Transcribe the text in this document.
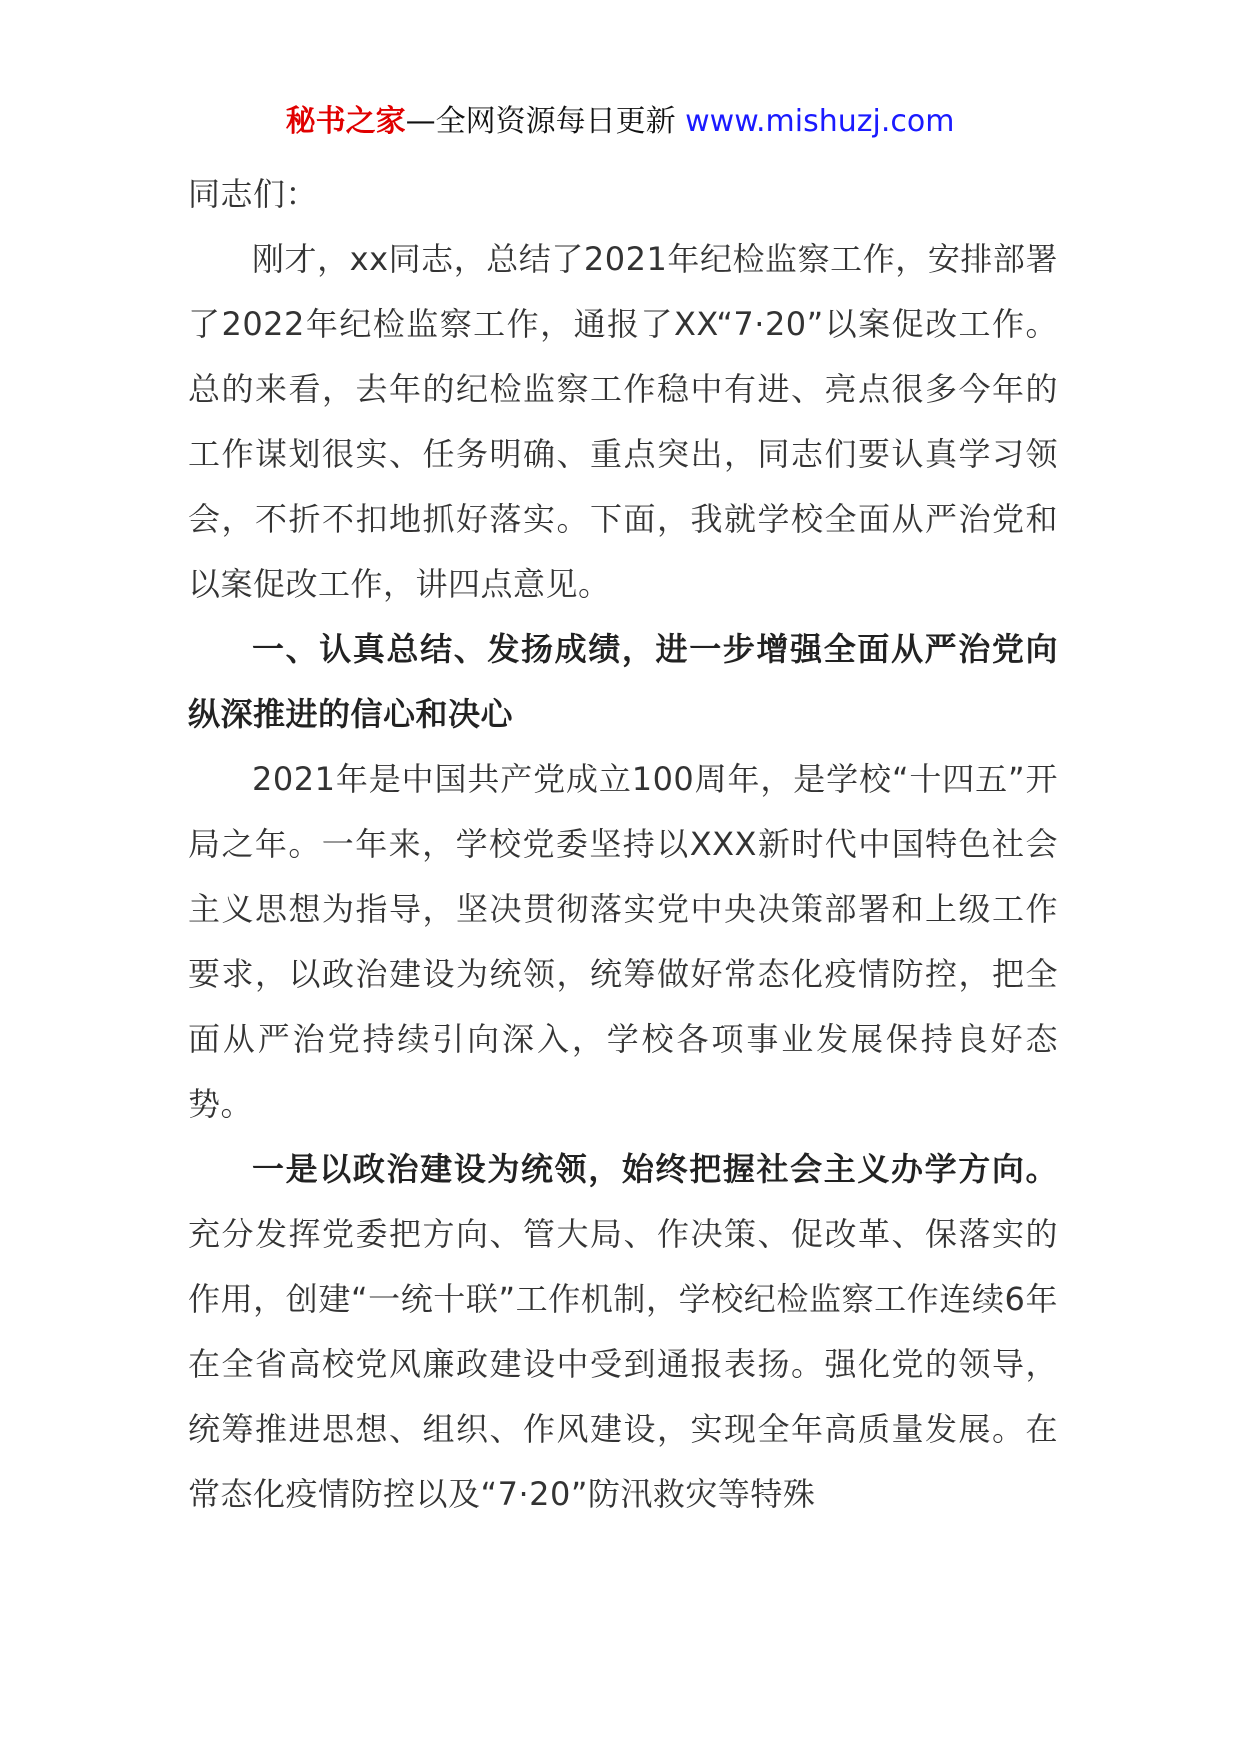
秘书之家—全网资源每日更新 www.mishuzj.com

同志们：

刚才，xx同志，总结了2021年纪检监察工作，安排部署了2022年纪检监察工作，通报了XX“7·20”以案促改工作。总的来看，去年的纪检监察工作稳中有进、亮点很多今年的工作谋划很实、任务明确、重点突出，同志们要认真学习领会，不折不扣地抓好落实。下面，我就学校全面从严治党和以案促改工作，讲四点意见。

一、认真总结、发扬成绩，进一步增强全面从严治党向纵深推进的信心和决心

2021年是中国共产党成立100周年，是学校“十四五”开局之年。一年来，学校党委坚持以XXX新时代中国特色社会主义思想为指导，坚决贯彻落实党中央决策部署和上级工作要求，以政治建设为统领，统筹做好常态化疫情防控，把全面从严治党持续引向深入，学校各项事业发展保持良好态势。

一是以政治建设为统领，始终把握社会主义办学方向。充分发挥党委把方向、管大局、作决策、促改革、保落实的作用，创建“一统十联”工作机制，学校纪检监察工作连续6年在全省高校党风廉政建设中受到通报表扬。强化党的领导，统筹推进思想、组织、作风建设，实现全年高质量发展。在常态化疫情防控以及“7·20”防汛救灾等特殊
